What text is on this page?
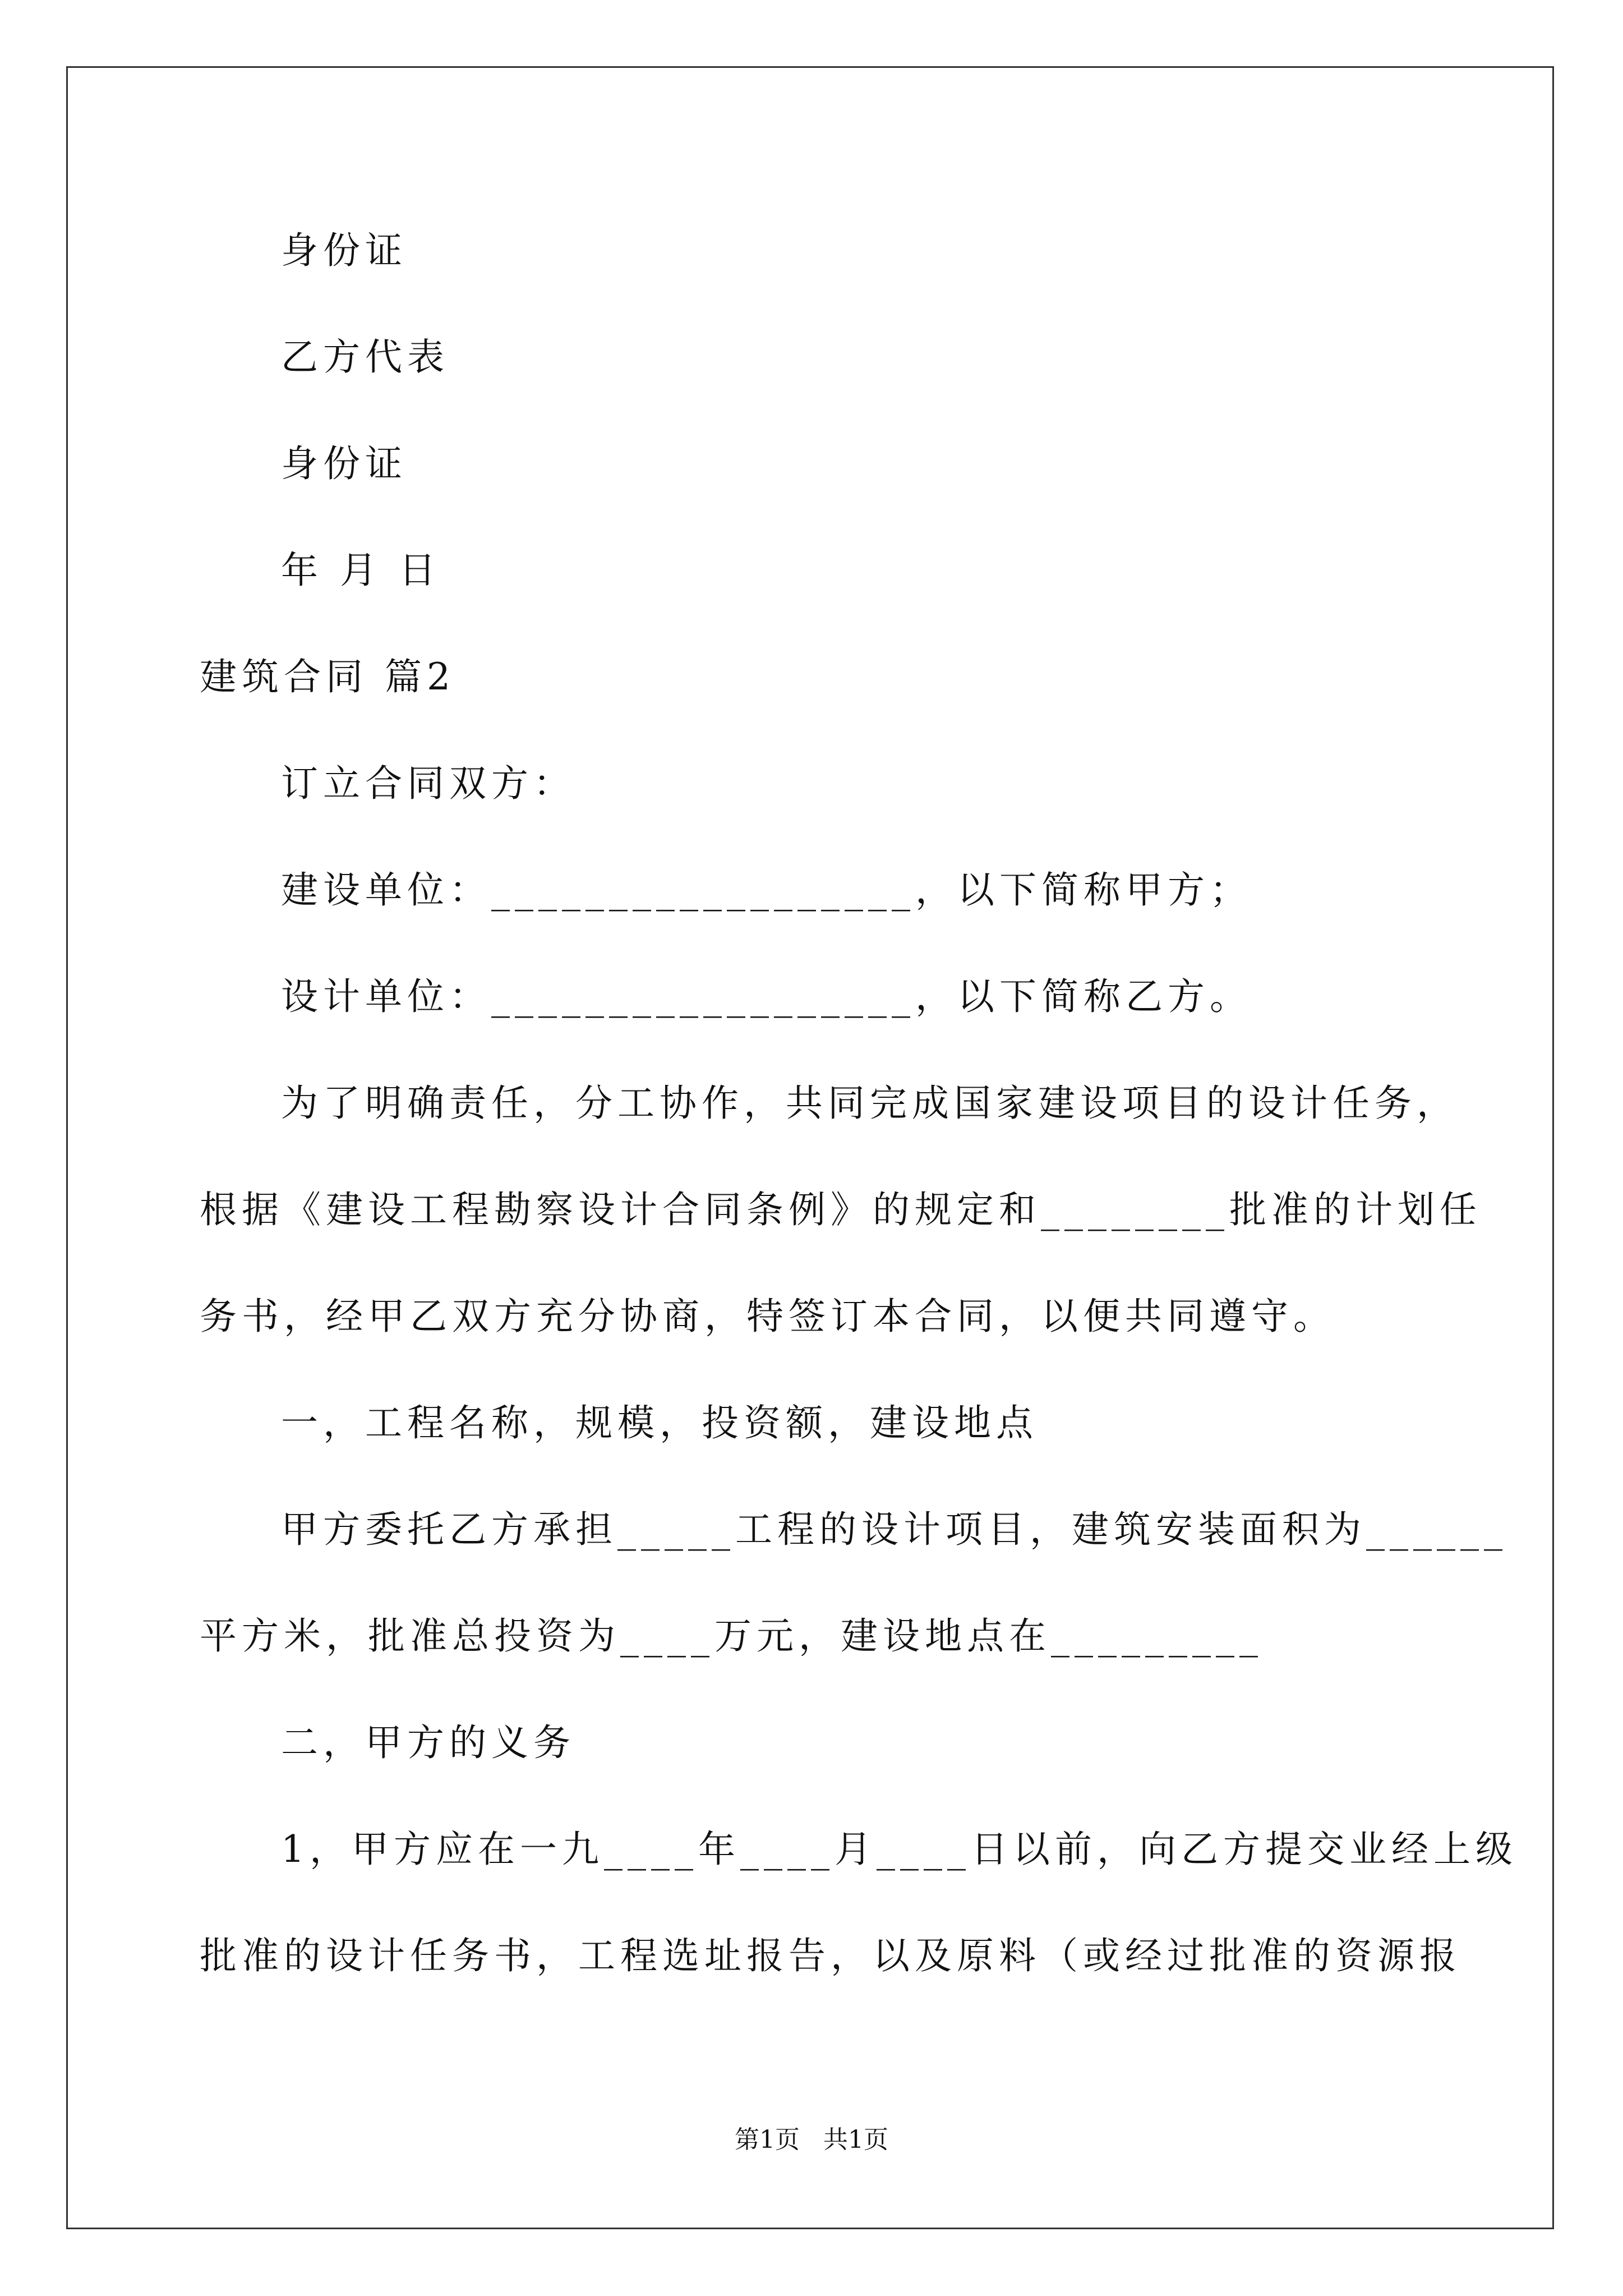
身份证
乙方代表
身份证
年 月 日
建筑合同 篇2
订立合同双方：
建设单位：__________________，以下简称甲方；
设计单位：__________________，以下简称乙方。
为了明确责任，分工协作，共同完成国家建设项目的设计任务，
根据《建设工程勘察设计合同条例》的规定和________批准的计划任
务书，经甲乙双方充分协商，特签订本合同，以便共同遵守。
一，工程名称，规模，投资额，建设地点
甲方委托乙方承担_____工程的设计项目，建筑安装面积为______
平方米，批准总投资为____万元，建设地点在_________
二，甲方的义务
1，甲方应在一九____年____月____日以前，向乙方提交业经上级
批准的设计任务书，工程选址报告，以及原料（或经过批准的资源报
第1页   共1页
